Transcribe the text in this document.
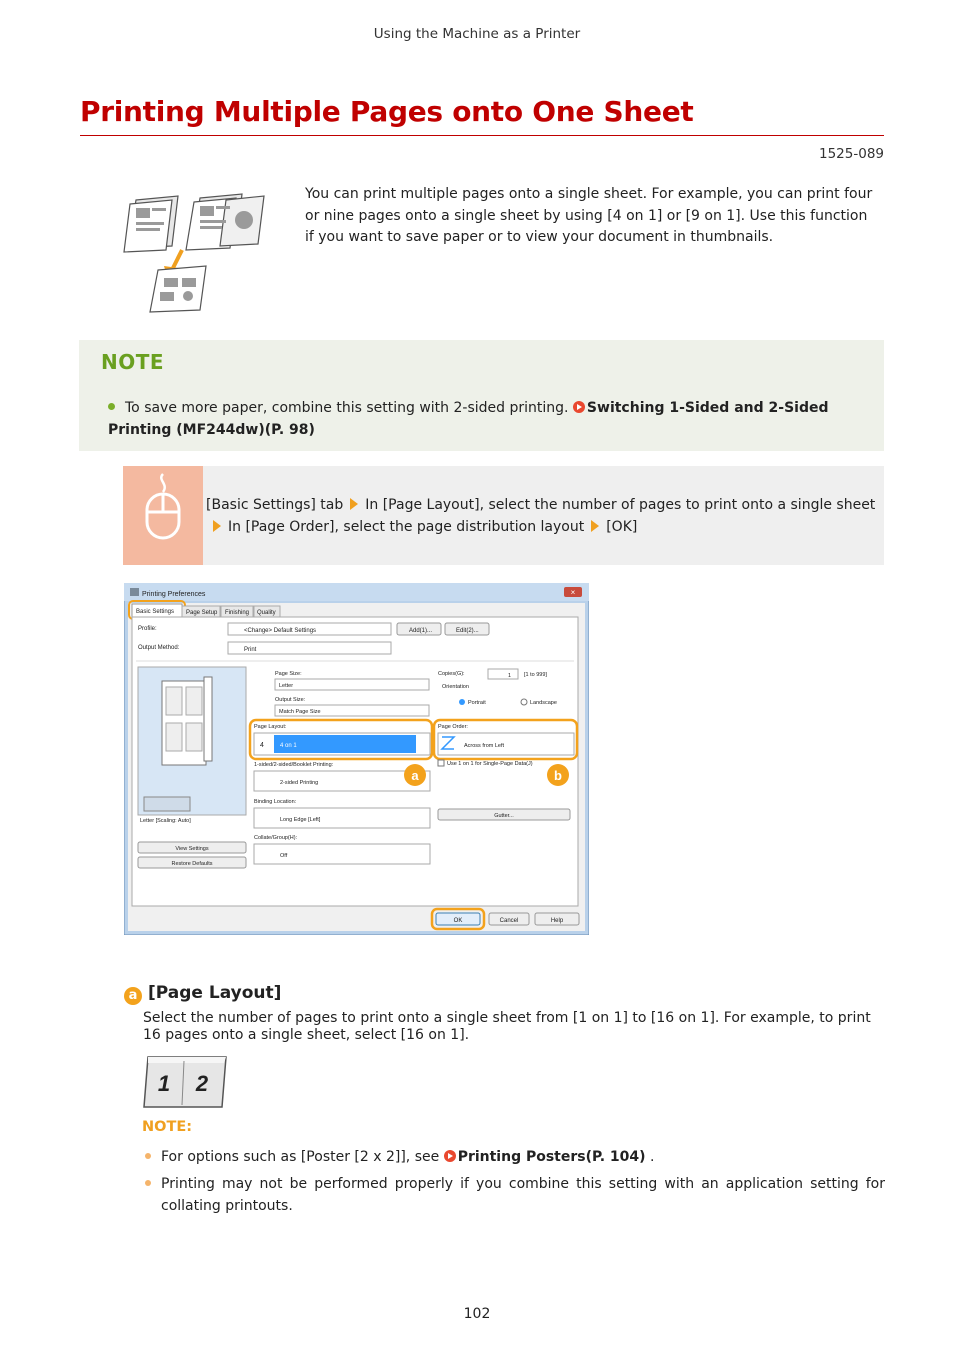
Using the Machine as a Printer
Printing Multiple Pages onto One Sheet
1525-089
You can print multiple pages onto a single sheet. For example, you can print four or nine pages onto a single sheet by using [4 on 1] or [9 on 1]. Use this function if you want to save paper or to view your document in thumbnails.
NOTE
To save more paper, combine this setting with 2-sided printing. Switching 1-Sided and 2-Sided Printing (MF244dw)(P. 98)
[Basic Settings] tab In [Page Layout], select the number of pages to print onto a single sheetIn [Page Order], select the page distribution layout [OK]
Printing Preferences	×
Basic Settings Page Setup Finishing Quality
Profile:	<Change> Default Settings	Add(1)...	Edit(2)...
Output Method:	Print
Letter [Scaling: Auto]
View Settings
Restore Defaults
Page Size:
Letter
Output Size:
Match Page Size
Page Layout:
4	4 on 1
Copies(G):	1 [1 to 999]
Orientation
Portrait	Landscape
Page Order:
Across from Left
1-sided/2-sided/Booklet Printing:
2-sided Printing	a
Use 1 on 1 for Single-Page Data(J)
b
Binding Location:
Long Edge [Left]
Gutter...
Collate/Group(H):
Off
OK	Cancel	Help
a [Page Layout]
Select the number of pages to print onto a single sheet from [1 on 1] to [16 on 1]. For example, to print 16 pages onto a single sheet, select [16 on 1].
1 2
NOTE:
For options such as [Poster [2 x 2]], see Printing Posters(P. 104) .
Printing may not be performed properly if you combine this setting with an application setting for collating printouts.
102
